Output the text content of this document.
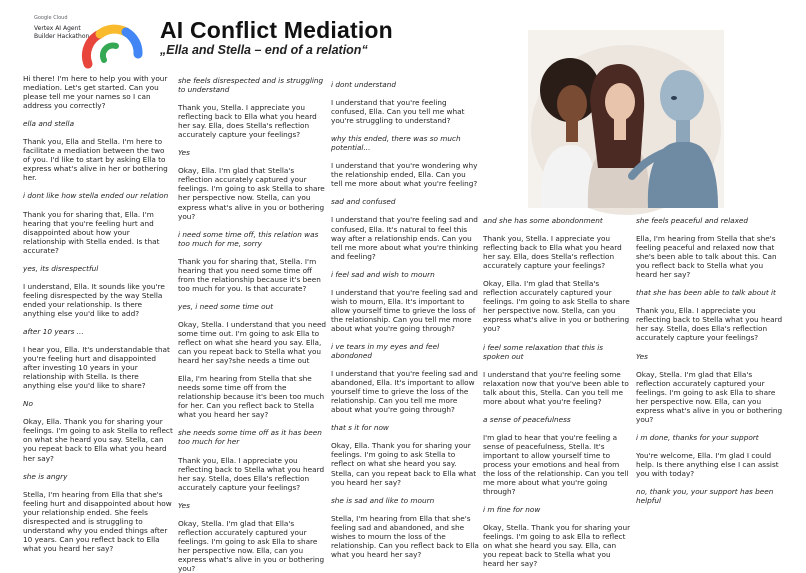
Google Cloud
Vertex AI Agent Builder Hackathon	AI Conflict Mediation
„Ella and Stella – end of a relation“

Hi there! I'm here to help you with your mediation. Let's get started. Can you please tell me your names so I can address you correctly?

ella and stella

Thank you, Ella and Stella. I'm here to facilitate a mediation between the two of you. I'd like to start by asking Ella to express what's alive in her or bothering her.

i dont like how stella ended our relation

Thank you for sharing that, Ella. I'm hearing that you're feeling hurt and disappointed about how your relationship with Stella ended. Is that accurate?

yes, its disrespectful

I understand, Ella. It sounds like you're feeling disrespected by the way Stella ended your relationship. Is there anything else you'd like to add?

after 10 years ...

I hear you, Ella. It's understandable that you're feeling hurt and disappointed after investing 10 years in your relationship with Stella. Is there anything else you'd like to share?

No

Okay, Ella. Thank you for sharing your feelings. I'm going to ask Stella to reflect on what she heard you say. Stella, can you repeat back to Ella what you heard her say?

she is angry

Stella, I'm hearing from Ella that she's feeling hurt and disappointed about how your relationship ended. She feels disrespected and is struggling to understand why you ended things after 10 years. Can you reflect back to Ella what you heard her say?

she feels disrespected and is struggling to understand

Thank you, Stella. I appreciate you reflecting back to Ella what you heard her say. Ella, does Stella's reflection accurately capture your feelings?

Yes

Okay, Ella. I'm glad that Stella's reflection accurately captured your feelings. I'm going to ask Stella to share her perspective now. Stella, can you express what's alive in you or bothering you?

i need some time off, this relation was too much for me, sorry

Thank you for sharing that, Stella. I'm hearing that you need some time off from the relationship because it's been too much for you. Is that accurate?

yes, i need some time out

Okay, Stella. I understand that you need some time out. I'm going to ask Ella to reflect on what she heard you say. Ella, can you repeat back to Stella what you heard her say?she needs a time out

Ella, I'm hearing from Stella that she needs some time off from the relationship because it's been too much for her. Can you reflect back to Stella what you heard her say?

she needs some time off as it has been too much for her

Thank you, Ella. I appreciate you reflecting back to Stella what you heard her say. Stella, does Ella's reflection accurately capture your feelings?

Yes

Okay, Stella. I'm glad that Ella's reflection accurately captured your feelings. I'm going to ask Ella to share her perspective now. Ella, can you express what's alive in you or bothering you?

i dont understand

I understand that you're feeling confused, Ella. Can you tell me what you're struggling to understand?

why this ended, there was so much potential...

I understand that you're wondering why the relationship ended, Ella. Can you tell me more about what you're feeling?

sad and confused

I understand that you're feeling sad and confused, Ella. It's natural to feel this way after a relationship ends. Can you tell me more about what you're thinking and feeling?

i feel sad and wish to mourn

I understand that you're feeling sad and wish to mourn, Ella. It's important to allow yourself time to grieve the loss of the relationship. Can you tell me more about what you're going through?

i ve tears in my eyes and feel abondoned

I understand that you're feeling sad and abandoned, Ella. It's important to allow yourself time to grieve the loss of the relationship. Can you tell me more about what you're going through?

that s it for now

Okay, Ella. Thank you for sharing your feelings. I'm going to ask Stella to reflect on what she heard you say. Stella, can you repeat back to Ella what you heard her say?

she is sad and like to mourn

Stella, I'm hearing from Ella that she's feeling sad and abandoned, and she wishes to mourn the loss of the relationship. Can you reflect back to Ella what you heard her say?

and she has some abondonment

Thank you, Stella. I appreciate you reflecting back to Ella what you heard her say. Ella, does Stella's reflection accurately capture your feelings?

Okay, Ella. I'm glad that Stella's reflection accurately captured your feelings. I'm going to ask Stella to share her perspective now. Stella, can you express what's alive in you or bothering you?

i feel some relaxation that this is spoken out

I understand that you're feeling some relaxation now that you've been able to talk about this, Stella. Can you tell me more about what you're feeling?

a sense of peacefulness

I'm glad to hear that you're feeling a sense of peacefulness, Stella. It's important to allow yourself time to process your emotions and heal from the loss of the relationship. Can you tell me more about what you're going through?

i m fine for now

Okay, Stella. Thank you for sharing your feelings. I'm going to ask Ella to reflect on what she heard you say. Ella, can you repeat back to Stella what you heard her say?

she feels peaceful and relaxed

Ella, I'm hearing from Stella that she's feeling peaceful and relaxed now that she's been able to talk about this. Can you reflect back to Stella what you heard her say?

that she has been able to talk about it

Thank you, Ella. I appreciate you reflecting back to Stella what you heard her say. Stella, does Ella's reflection accurately capture your feelings?

Yes

Okay, Stella. I'm glad that Ella's reflection accurately captured your feelings. I'm going to ask Ella to share her perspective now. Ella, can you express what's alive in you or bothering you?

i m done, thanks for your support

You're welcome, Ella. I'm glad I could help. Is there anything else I can assist you with today?

no, thank you, your support has been helpful
